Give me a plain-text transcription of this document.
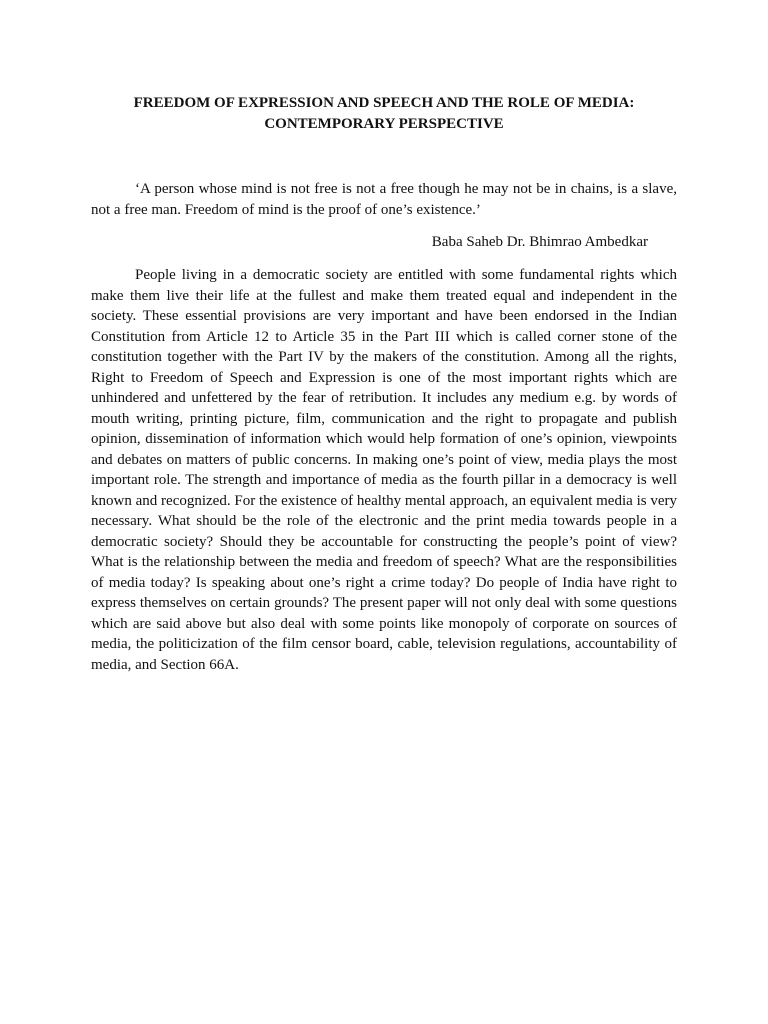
FREEDOM OF EXPRESSION AND SPEECH AND THE ROLE OF MEDIA:
CONTEMPORARY PERSPECTIVE

‘A person whose mind is not free is not a free though he may not be in chains, is a slave, not a free man. Freedom of mind is the proof of one’s existence.’

Baba Saheb Dr. Bhimrao Ambedkar

People living in a democratic society are entitled with some fundamental rights which make them live their life at the fullest and make them treated equal and independent in the society. These essential provisions are very important and have been endorsed in the Indian Constitution from Article 12 to Article 35 in the Part III which is called corner stone of the constitution together with the Part IV by the makers of the constitution. Among all the rights, Right to Freedom of Speech and Expression is one of the most important rights which are unhindered and unfettered by the fear of retribution. It includes any medium e.g. by words of mouth writing, printing picture, film, communication and the right to propagate and publish opinion, dissemination of information which would help formation of one’s opinion, viewpoints and debates on matters of public concerns. In making one’s point of view, media plays the most important role. The strength and importance of media as the fourth pillar in a democracy is well known and recognized. For the existence of healthy mental approach, an equivalent media is very necessary. What should be the role of the electronic and the print media towards people in a democratic society? Should they be accountable for constructing the people’s point of view? What is the relationship between the media and freedom of speech? What are the responsibilities of media today? Is speaking about one’s right a crime today? Do people of India have right to express themselves on certain grounds? The present paper will not only deal with some questions which are said above but also deal with some points like monopoly of corporate on sources of media, the politicization of the film censor board, cable, television regulations, accountability of media, and Section 66A.
